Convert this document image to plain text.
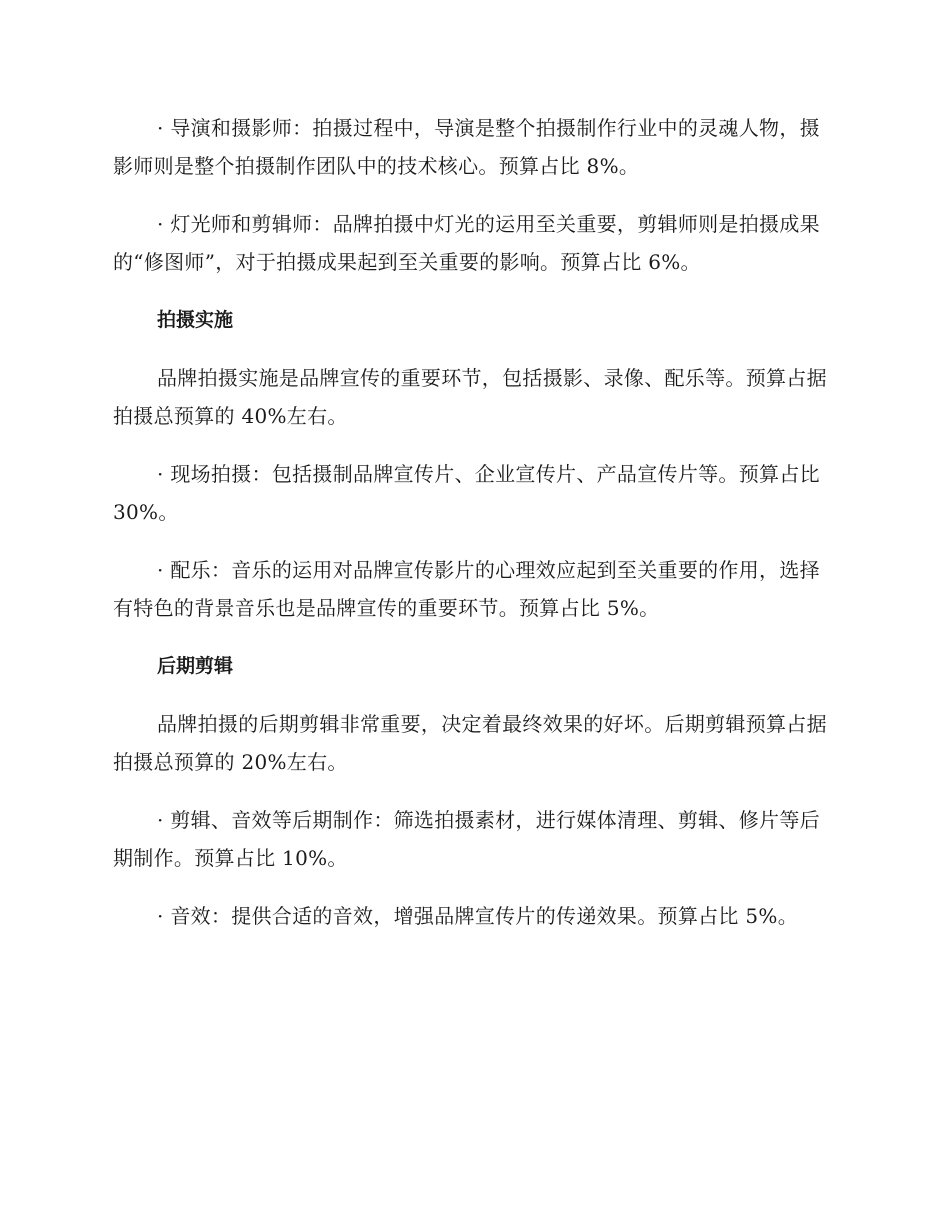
· 导演和摄影师：拍摄过程中，导演是整个拍摄制作行业中的灵魂人物，摄影师则是整个拍摄制作团队中的技术核心。预算占比 8%。

· 灯光师和剪辑师：品牌拍摄中灯光的运用至关重要，剪辑师则是拍摄成果的“修图师”，对于拍摄成果起到至关重要的影响。预算占比 6%。

拍摄实施

品牌拍摄实施是品牌宣传的重要环节，包括摄影、录像、配乐等。预算占据拍摄总预算的 40%左右。

· 现场拍摄：包括摄制品牌宣传片、企业宣传片、产品宣传片等。预算占比 30%。

· 配乐：音乐的运用对品牌宣传影片的心理效应起到至关重要的作用，选择有特色的背景音乐也是品牌宣传的重要环节。预算占比 5%。

后期剪辑

品牌拍摄的后期剪辑非常重要，决定着最终效果的好坏。后期剪辑预算占据拍摄总预算的 20%左右。

· 剪辑、音效等后期制作：筛选拍摄素材，进行媒体清理、剪辑、修片等后期制作。预算占比 10%。

· 音效：提供合适的音效，增强品牌宣传片的传递效果。预算占比 5%。
